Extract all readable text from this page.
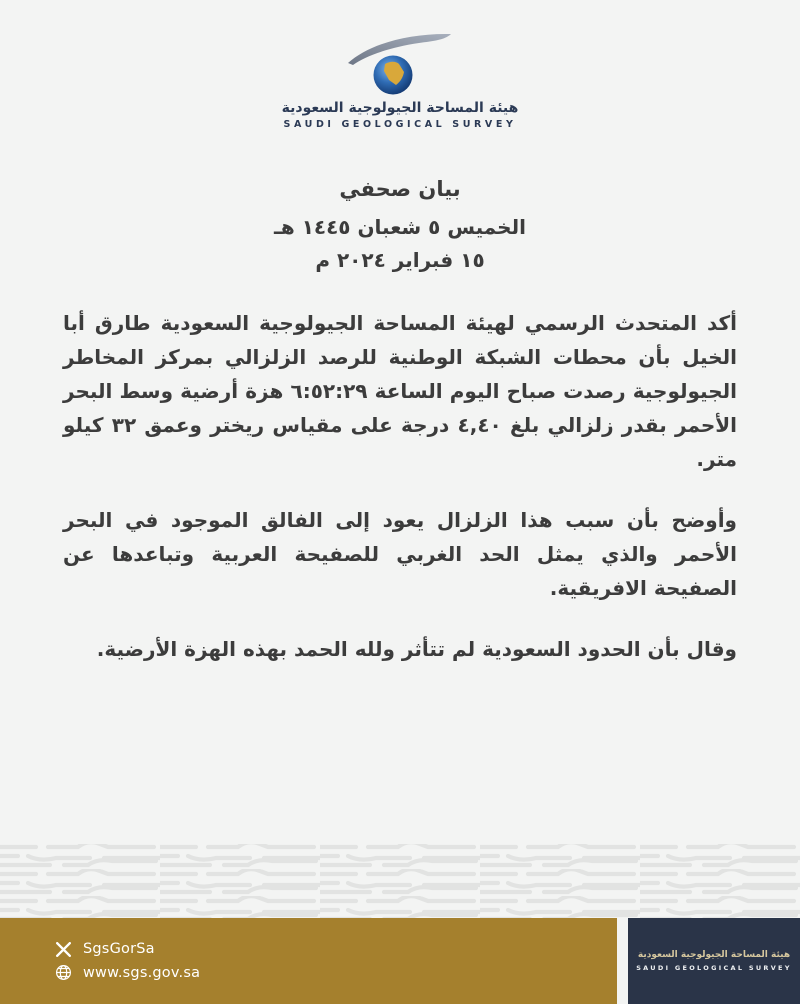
هيئة المساحة الجيولوجية السعودية
SAUDI GEOLOGICAL SURVEY
بيان صحفي
الخميس ٥ شعبان ١٤٤٥ هـ
١٥ فبراير ٢٠٢٤ م

أكد المتحدث الرسمي لهيئة المساحة الجيولوجية السعودية طارق أبا الخيل بأن محطات الشبكة الوطنية للرصد الزلزالي بمركز المخاطر الجيولوجية رصدت صباح اليوم الساعة ٦:٥٢:٢٩ هزة أرضية وسط البحر الأحمر بقدر زلزالي بلغ ٤,٤٠ درجة على مقياس ريختر وعمق ٣٢ كيلو متر.

وأوضح بأن سبب هذا الزلزال يعود إلى الفالق الموجود في البحر الأحمر والذي يمثل الحد الغربي للصفيحة العربية وتباعدها عن الصفيحة الافريقية.

وقال بأن الحدود السعودية لم تتأثر ولله الحمد بهذه الهزة الأرضية.

SgsGorSa
www.sgs.gov.sa
هيئة المساحة الجيولوجية السعودية
SAUDI GEOLOGICAL SURVEY
